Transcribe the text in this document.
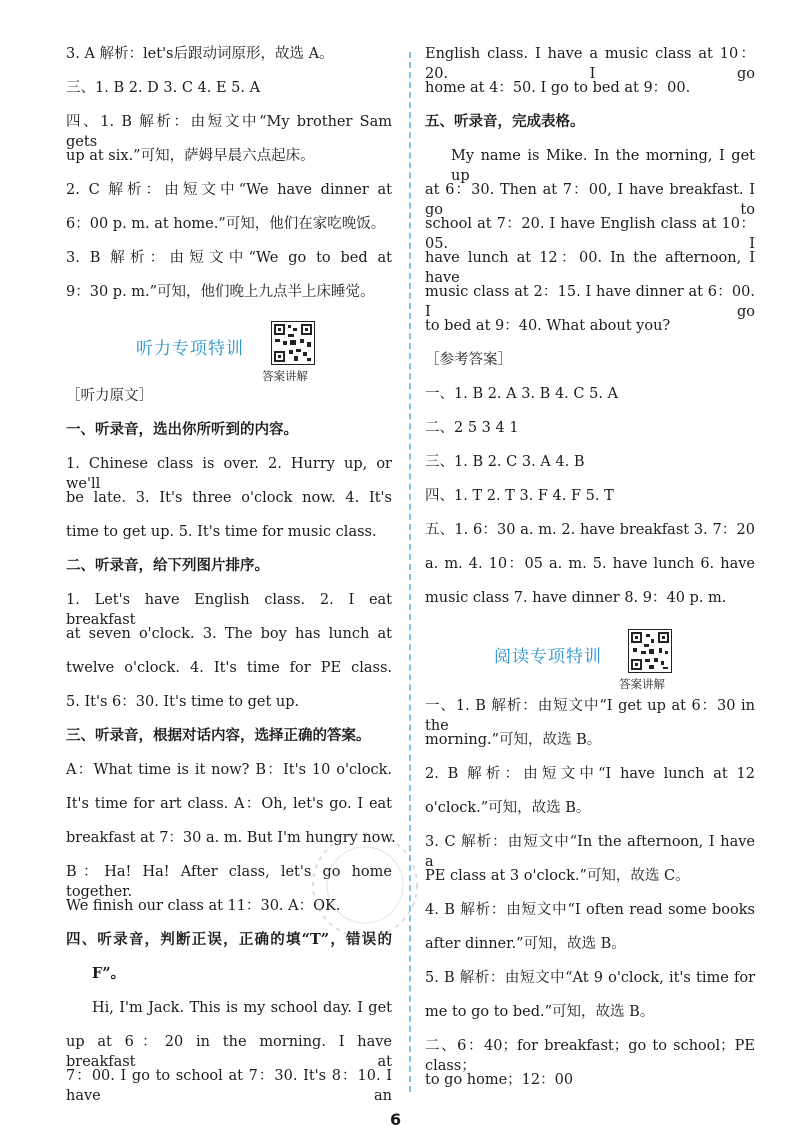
3. A 解析：let's后跟动词原形，故选 A。
三、1. B 2. D 3. C 4. E 5. A
四、1. B 解析：由短文中“My brother Sam gets
up at six.”可知，萨姆早晨六点起床。
2. C 解析：由短文中“We have dinner at
6：00 p. m. at home.”可知，他们在家吃晚饭。
3. B 解析：由短文中“We go to bed at
9：30 p. m.”可知，他们晚上九点半上床睡觉。
［听力原文］
一、听录音，选出你所听到的内容。
1. Chinese class is over. 2. Hurry up, or we'll
be late. 3. It's three o'clock now. 4. It's
time to get up. 5. It's time for music class.
二、听录音，给下列图片排序。
1. Let's have English class. 2. I eat breakfast
at seven o'clock. 3. The boy has lunch at
twelve o'clock. 4. It's time for PE class.
5. It's 6：30. It's time to get up.
三、听录音，根据对话内容，选择正确的答案。
A：What time is it now? B：It's 10 o'clock.
It's time for art class. A：Oh, let's go. I eat
breakfast at 7：30 a. m. But I'm hungry now.
B：Ha! Ha! After class, let's go home together.
We finish our class at 11：30. A：OK.
四、听录音，判断正误，正确的填“T”，错误的
F”。
Hi, I'm Jack. This is my school day. I get
up at 6：20 in the morning. I have breakfast at
7：00. I go to school at 7：30. It's 8：10. I have an
English class. I have a music class at 10：20. I go
home at 4：50. I go to bed at 9：00.
五、听录音，完成表格。
My name is Mike. In the morning, I get up
at 6：30. Then at 7：00, I have breakfast. I go to
school at 7：20. I have English class at 10：05. I
have lunch at 12：00. In the afternoon, I have
music class at 2：15. I have dinner at 6：00. I go
to bed at 9：40. What about you?
［参考答案］
一、1. B 2. A 3. B 4. C 5. A
二、2 5 3 4 1
三、1. B 2. C 3. A 4. B
四、1. T 2. T 3. F 4. F 5. T
五、1. 6：30 a. m. 2. have breakfast 3. 7：20
a. m. 4. 10：05 a. m. 5. have lunch 6. have
music class 7. have dinner 8. 9：40 p. m.
一、1. B 解析：由短文中“I get up at 6：30 in the
morning.”可知，故选 B。
2. B 解析：由短文中“I have lunch at 12
o'clock.”可知，故选 B。
3. C 解析：由短文中“In the afternoon, I have a
PE class at 3 o'clock.”可知，故选 C。
4. B 解析：由短文中“I often read some books
after dinner.”可知，故选 B。
5. B 解析：由短文中“At 9 o'clock, it's time for
me to go to bed.”可知，故选 B。
二、6：40；for breakfast；go to school；PE class；
to go home；12：00
听力专项特训
答案讲解
阅读专项特训
答案讲解
6
